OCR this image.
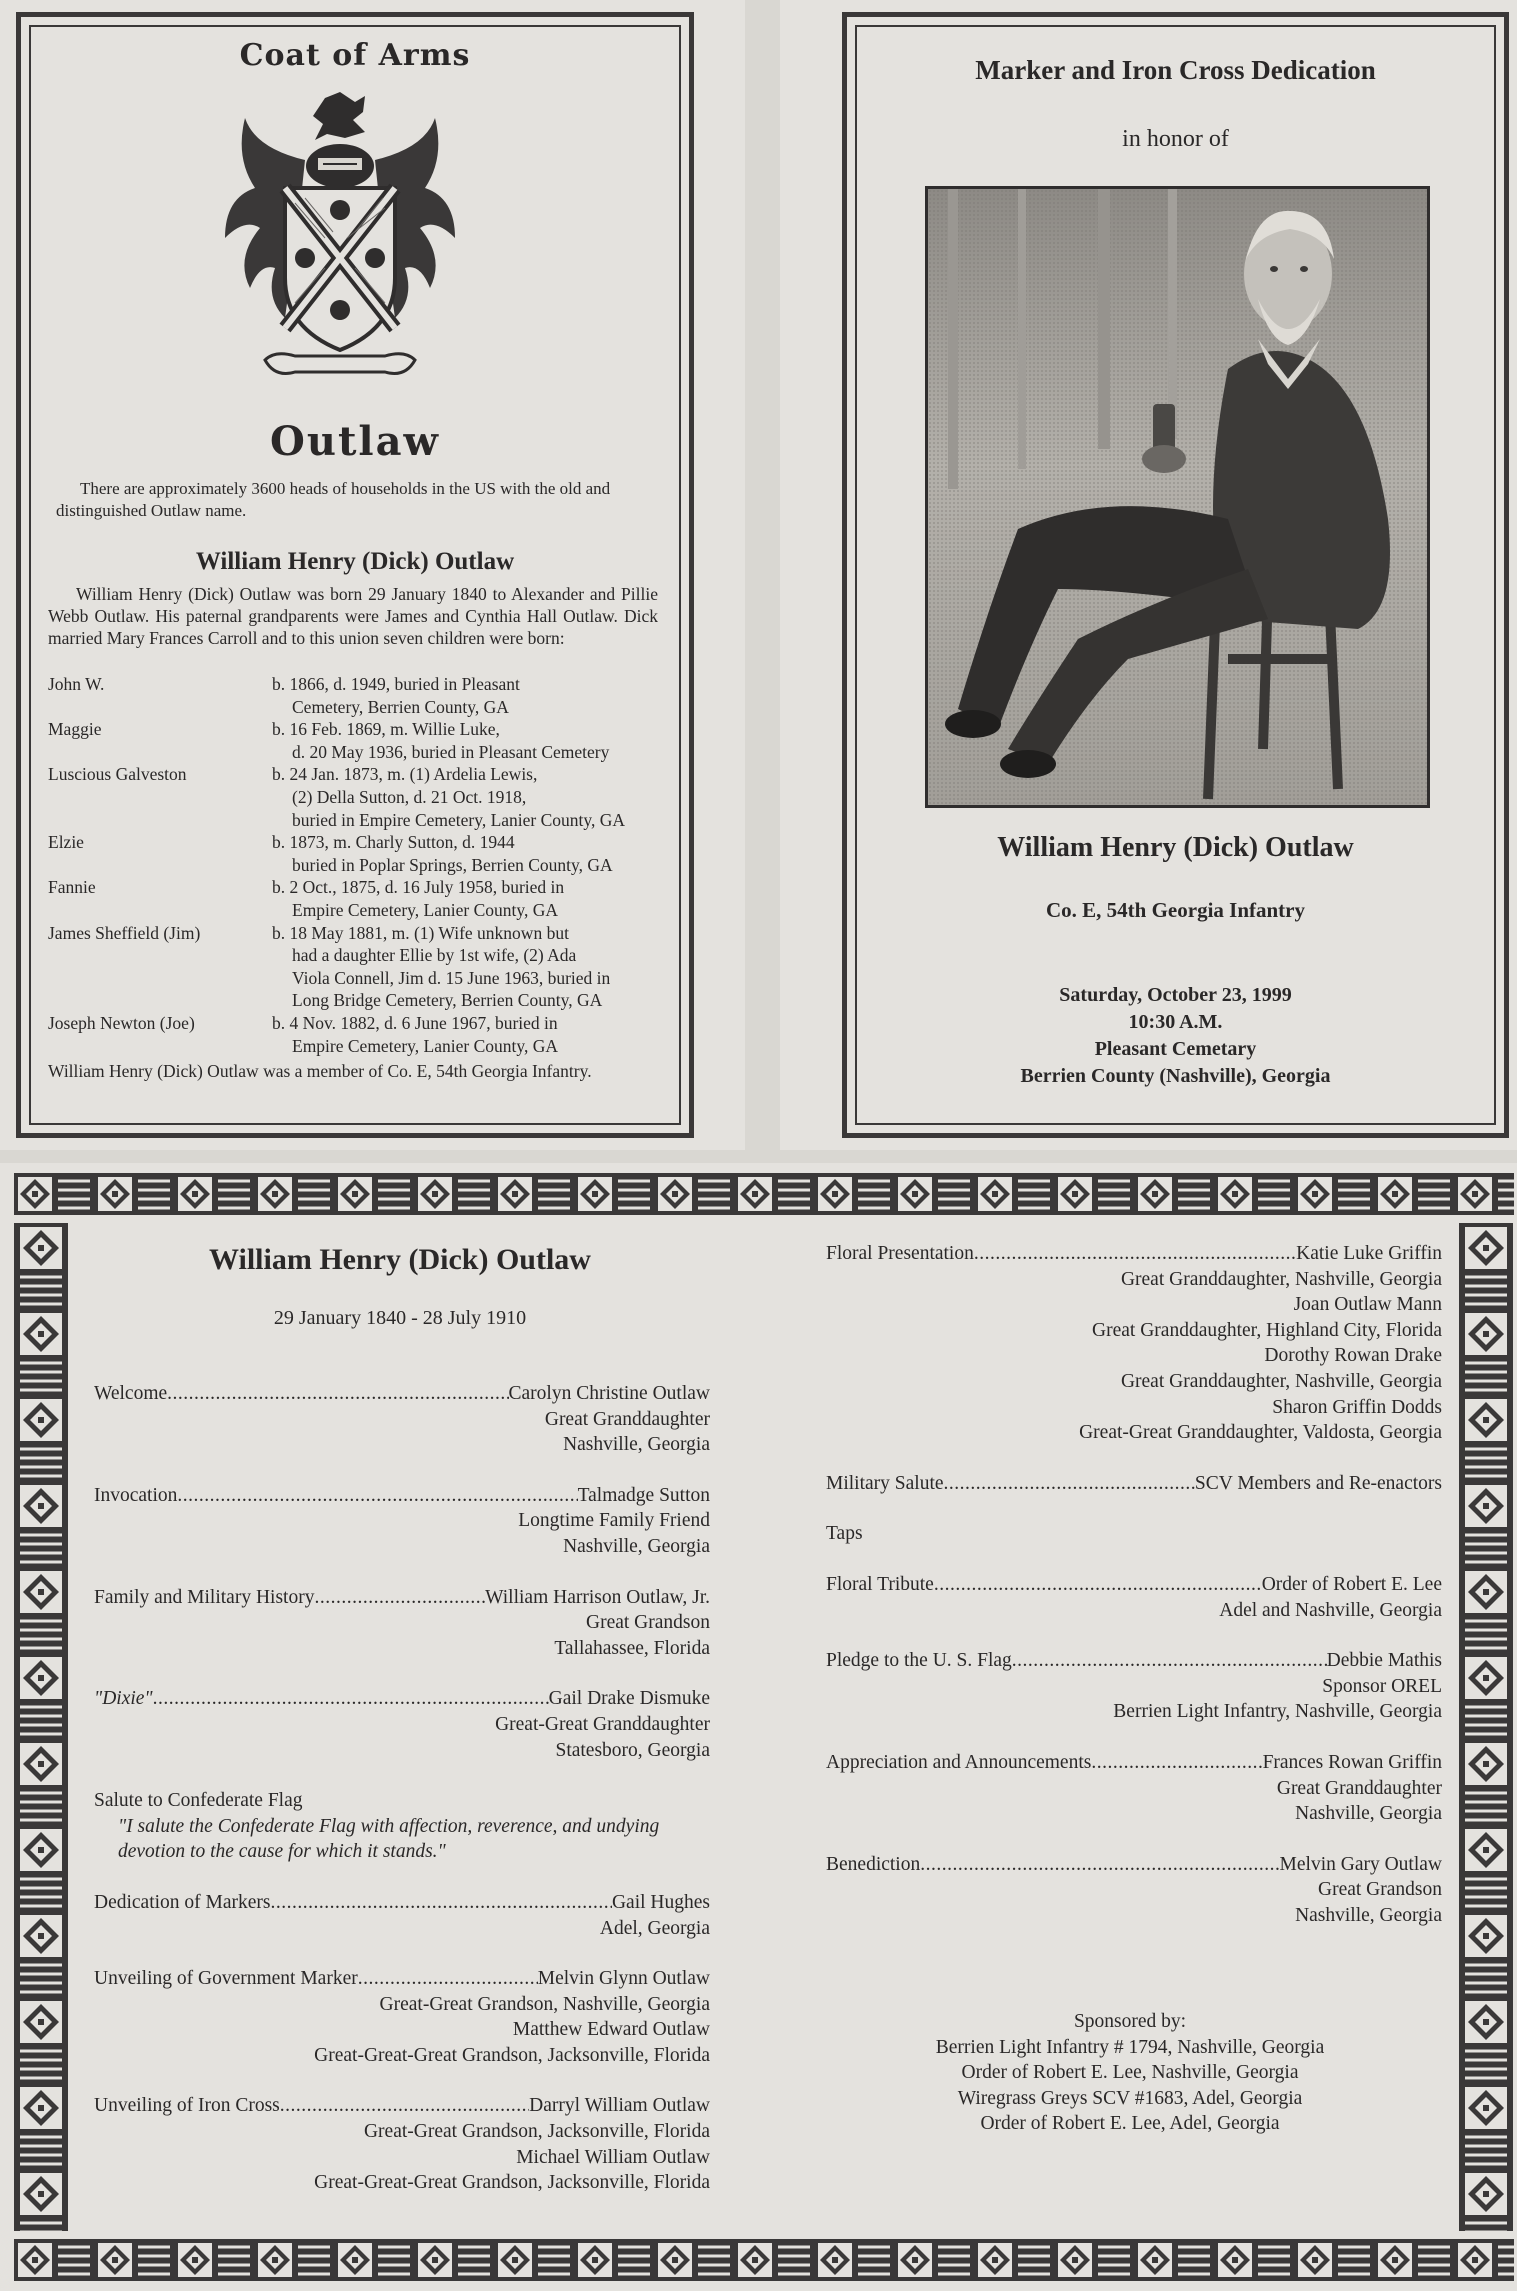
Coat of Arms
Outlaw
There are approximately 3600 heads of households in the US with the old and distinguished Outlaw name.
William Henry (Dick) Outlaw
William Henry (Dick) Outlaw was born 29 January 1840 to Alexander and Pillie Webb Outlaw. His paternal grandparents were James and Cynthia Hall Outlaw. Dick married Mary Frances Carroll and to this union seven children were born:
John W.	b. 1866, d. 1949, buried in Pleasant
Cemetery, Berrien County, GA
Maggie	b. 16 Feb. 1869, m. Willie Luke,
d. 20 May 1936, buried in Pleasant Cemetery
Luscious Galveston	b. 24 Jan. 1873, m. (1) Ardelia Lewis,
(2) Della Sutton, d. 21 Oct. 1918,
buried in Empire Cemetery, Lanier County, GA
Elzie	b. 1873, m. Charly Sutton, d. 1944
buried in Poplar Springs, Berrien County, GA
Fannie	b. 2 Oct., 1875, d. 16 July 1958, buried in
Empire Cemetery, Lanier County, GA
James Sheffield (Jim)	b. 18 May 1881, m. (1) Wife unknown but
had a daughter Ellie by 1st wife, (2) Ada
Viola Connell, Jim d. 15 June 1963, buried in
Long Bridge Cemetery, Berrien County, GA
Joseph Newton (Joe)	b. 4 Nov. 1882, d. 6 June 1967, buried in
Empire Cemetery, Lanier County, GA
William Henry (Dick) Outlaw was a member of Co. E, 54th Georgia Infantry.
Marker and Iron Cross Dedication
in honor of
William Henry (Dick) Outlaw
Co. E, 54th Georgia Infantry
Saturday, October 23, 1999
10:30 A.M.
Pleasant Cemetary
Berrien County (Nashville), Georgia
William Henry (Dick) Outlaw
29 January 1840 - 28 July 1910
Welcome .....	Carolyn Christine Outlaw
Great Granddaughter
Nashville, Georgia
Invocation .....	Talmadge Sutton
Longtime Family Friend
Nashville, Georgia
Family and Military History .....	William Harrison Outlaw, Jr.
Great Grandson
Tallahassee, Florida
"Dixie" .....	Gail Drake Dismuke
Great-Great Granddaughter
Statesboro, Georgia
Salute to Confederate Flag
"I salute the Confederate Flag with affection, reverence, and undying devotion to the cause for which it stands."
Dedication of Markers .....	Gail Hughes
Adel, Georgia
Unveiling of Government Marker .....	Melvin Glynn Outlaw
Great-Great Grandson, Nashville, Georgia
Matthew Edward Outlaw
Great-Great-Great Grandson, Jacksonville, Florida
Unveiling of Iron Cross .....	Darryl William Outlaw
Great-Great Grandson, Jacksonville, Florida
Michael William Outlaw
Great-Great-Great Grandson, Jacksonville, Florida
Floral Presentation .....	Katie Luke Griffin
Great Granddaughter, Nashville, Georgia
Joan Outlaw Mann
Great Granddaughter, Highland City, Florida
Dorothy Rowan Drake
Great Granddaughter, Nashville, Georgia
Sharon Griffin Dodds
Great-Great Granddaughter, Valdosta, Georgia
Military Salute .....	SCV Members and Re-enactors
Taps
Floral Tribute .....	Order of Robert E. Lee
Adel and Nashville, Georgia
Pledge to the U. S. Flag .....	Debbie Mathis
Sponsor OREL
Berrien Light Infantry, Nashville, Georgia
Appreciation and Announcements .....	Frances Rowan Griffin
Great Granddaughter
Nashville, Georgia
Benediction .....	Melvin Gary Outlaw
Great Grandson
Nashville, Georgia
Sponsored by:
Berrien Light Infantry # 1794, Nashville, Georgia
Order of Robert E. Lee, Nashville, Georgia
Wiregrass Greys SCV #1683, Adel, Georgia
Order of Robert E. Lee, Adel, Georgia
